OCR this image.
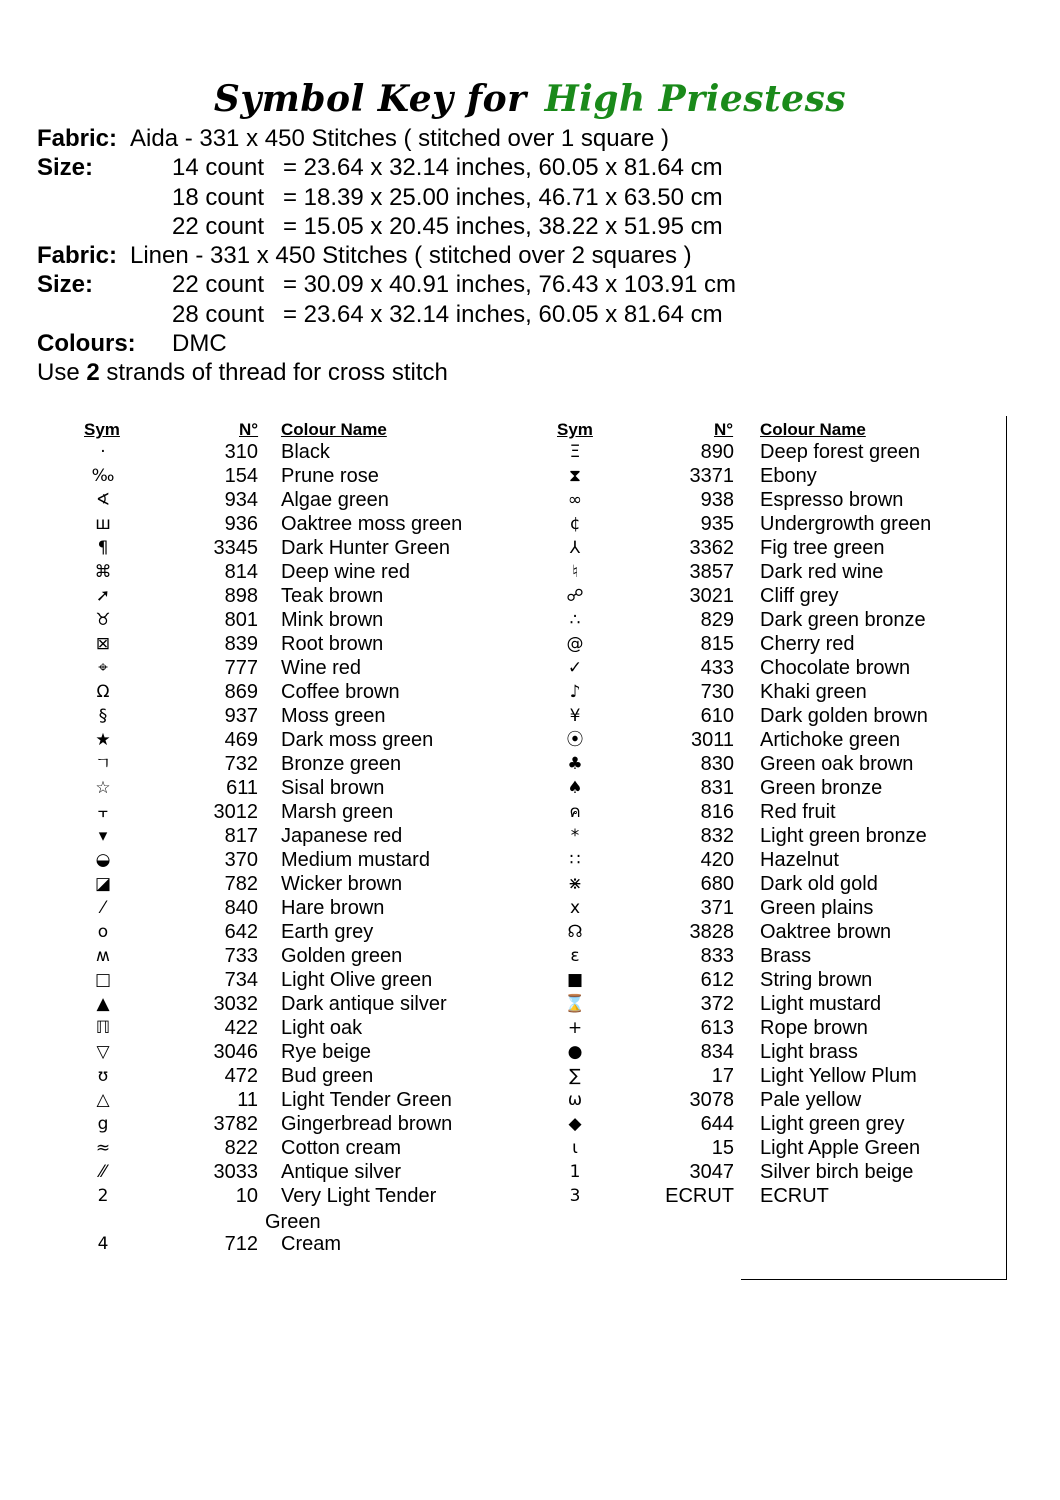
Symbol Key for High Priestess
Fabric: Aida - 331 x 450 Stitches ( stitched over 1 square )
Size:	14 count = 23.64 x 32.14 inches, 60.05 x 81.64 cm
18 count = 18.39 x 25.00 inches, 46.71 x 63.50 cm
22 count = 15.05 x 20.45 inches, 38.22 x 51.95 cm
Fabric: Linen - 331 x 450 Stitches ( stitched over 2 squares )
Size:	22 count = 30.09 x 40.91 inches, 76.43 x 103.91 cm
28 count = 23.64 x 32.14 inches, 60.05 x 81.64 cm
Colours: DMC
Use 2 strands of thread for cross stitch
Sym	N° Colour Name	Sym	N° Colour Name
·	310 Black
‰	154 Prune rose
∢	934 Algae green
ш	936 Oaktree moss green
¶	3345 Dark Hunter Green
⌘	814 Deep wine red
➚	898 Teak brown
♉	801 Mink brown
⊠	839 Root brown
⌖	777 Wine red
Ω	869 Coffee brown
§	937 Moss green
★	469 Dark moss green
ㄱ	732 Bronze green
☆	611 Sisal brown
⫟	3012 Marsh green
▾	817 Japanese red
◒	370 Medium mustard
◪	782 Wicker brown
⁄	840 Hare brown
o	642 Earth grey
ʍ	733 Golden green
□	734 Light Olive green
▲	3032 Dark antique silver
ℿ	422 Light oak
▽	3046 Rye beige
ʊ	472 Bud green
△	11 Light Tender Green
g	3782 Gingerbread brown
≈	822 Cotton cream
⁄⁄	3033 Antique silver
2	10 Very Light Tender
4	712 Cream
Ξ	890 Deep forest green
⧗	3371 Ebony
∞	938 Espresso brown
¢	935 Undergrowth green
⅄	3362 Fig tree green
♮	3857 Dark red wine
☍	3021 Cliff grey
∴	829 Dark green bronze
@	815 Cherry red
✓	433 Chocolate brown
♪	730 Khaki green
¥	610 Dark golden brown
⦿	3011 Artichoke green
♣	830 Green oak brown
♠	831 Green bronze
ค	816 Red fruit
*	832 Light green bronze
∷	420 Hazelnut
⋇	680 Dark old gold
x	371 Green plains
☊	3828 Oaktree brown
ɛ	833 Brass
■	612 String brown
⌛	372 Light mustard
+	613 Rope brown
●	834 Light brass
∑	17 Light Yellow Plum
ω	3078 Pale yellow
◆	644 Light green grey
ɩ	15 Light Apple Green
1	3047 Silver birch beige
3	ECRUT ECRUT
Green
